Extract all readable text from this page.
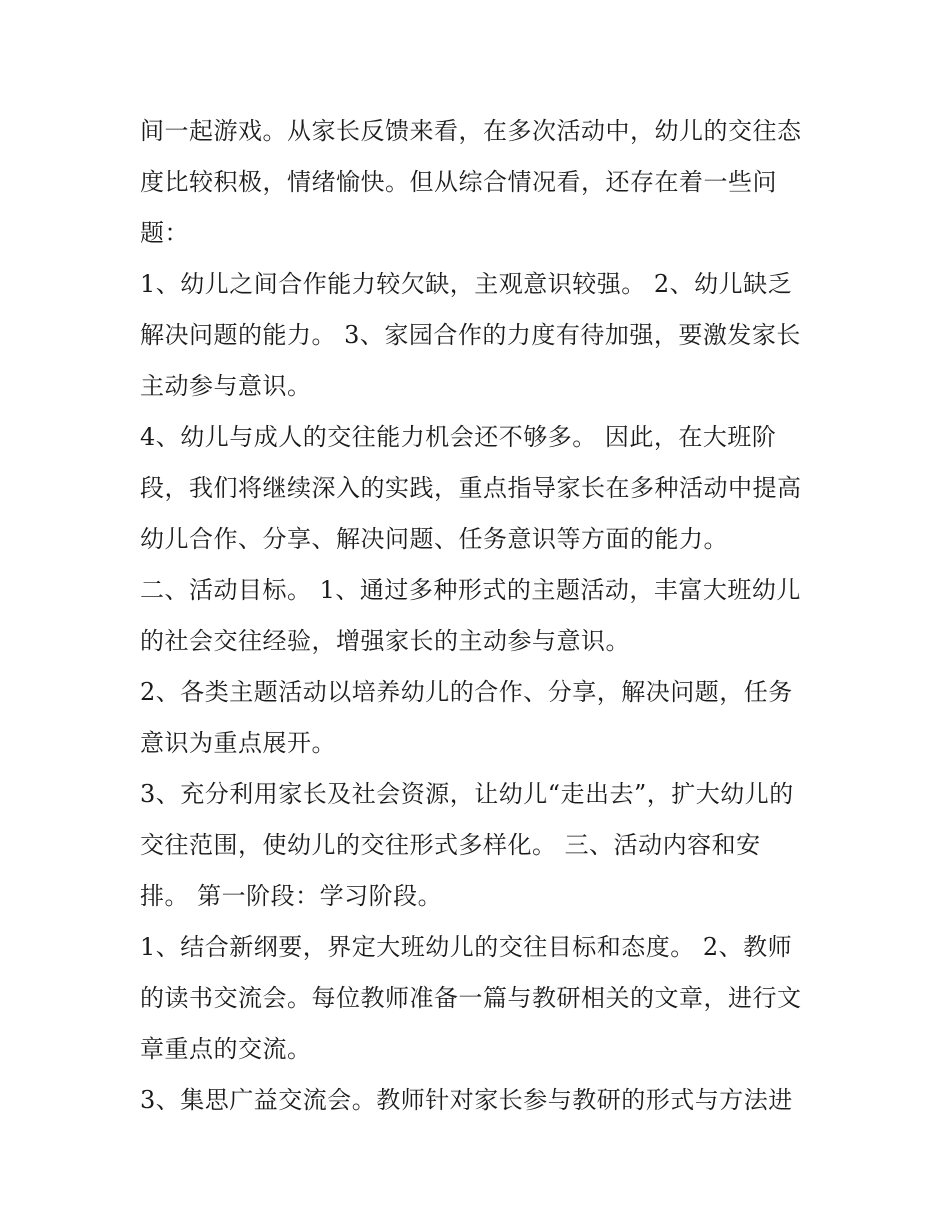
间一起游戏。从家长反馈来看，在多次活动中，幼儿的交往态
度比较积极，情绪愉快。但从综合情况看，还存在着一些问
题：
1、幼儿之间合作能力较欠缺，主观意识较强。 2、幼儿缺乏
解决问题的能力。 3、家园合作的力度有待加强，要激发家长
主动参与意识。
4、幼儿与成人的交往能力机会还不够多。 因此，在大班阶
段，我们将继续深入的实践，重点指导家长在多种活动中提高
幼儿合作、分享、解决问题、任务意识等方面的能力。
二、活动目标。 1、通过多种形式的主题活动，丰富大班幼儿
的社会交往经验，增强家长的主动参与意识。
2、各类主题活动以培养幼儿的合作、分享，解决问题，任务
意识为重点展开。
3、充分利用家长及社会资源，让幼儿“走出去”，扩大幼儿的
交往范围，使幼儿的交往形式多样化。 三、活动内容和安
排。 第一阶段：学习阶段。
1、结合新纲要，界定大班幼儿的交往目标和态度。 2、教师
的读书交流会。每位教师准备一篇与教研相关的文章，进行文
章重点的交流。
3、集思广益交流会。教师针对家长参与教研的形式与方法进
